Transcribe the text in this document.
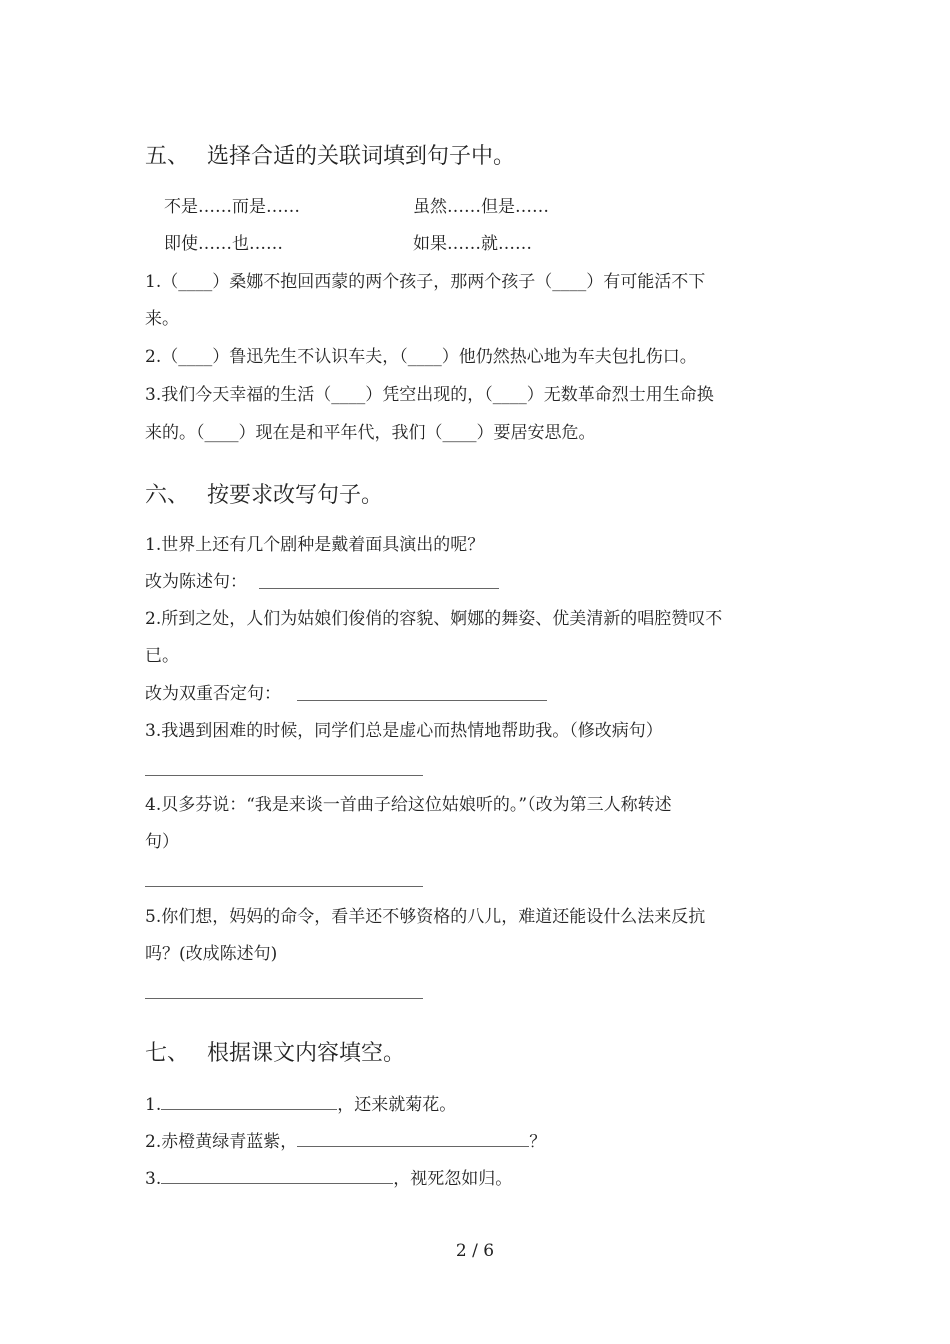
五、 选择合适的关联词填到句子中。
不是……而是……	虽然……但是……
即使……也……	如果……就……
1.（____）桑娜不抱回西蒙的两个孩子，那两个孩子（____）有可能活不下
来。
2.（____）鲁迅先生不认识车夫，（____）他仍然热心地为车夫包扎伤口。
3.我们今天幸福的生活（____）凭空出现的，（____）无数革命烈士用生命换
来的。（____）现在是和平年代，我们（____）要居安思危。
六、 按要求改写句子。
1.世界上还有几个剧种是戴着面具演出的呢？
改为陈述句：
2.所到之处，人们为姑娘们俊俏的容貌、婀娜的舞姿、优美清新的唱腔赞叹不
已。
改为双重否定句：
3.我遇到困难的时候，同学们总是虚心而热情地帮助我。（修改病句）
4.贝多芬说：“我是来谈一首曲子给这位姑娘听的。”（改为第三人称转述
句）
5.你们想，妈妈的命令，看羊还不够资格的八儿，难道还能设什么法来反抗
吗？(改成陈述句)
七、 根据课文内容填空。
1.	，还来就菊花。
2.赤橙黄绿青蓝紫，	？
3.	，视死忽如归。
2 / 6
